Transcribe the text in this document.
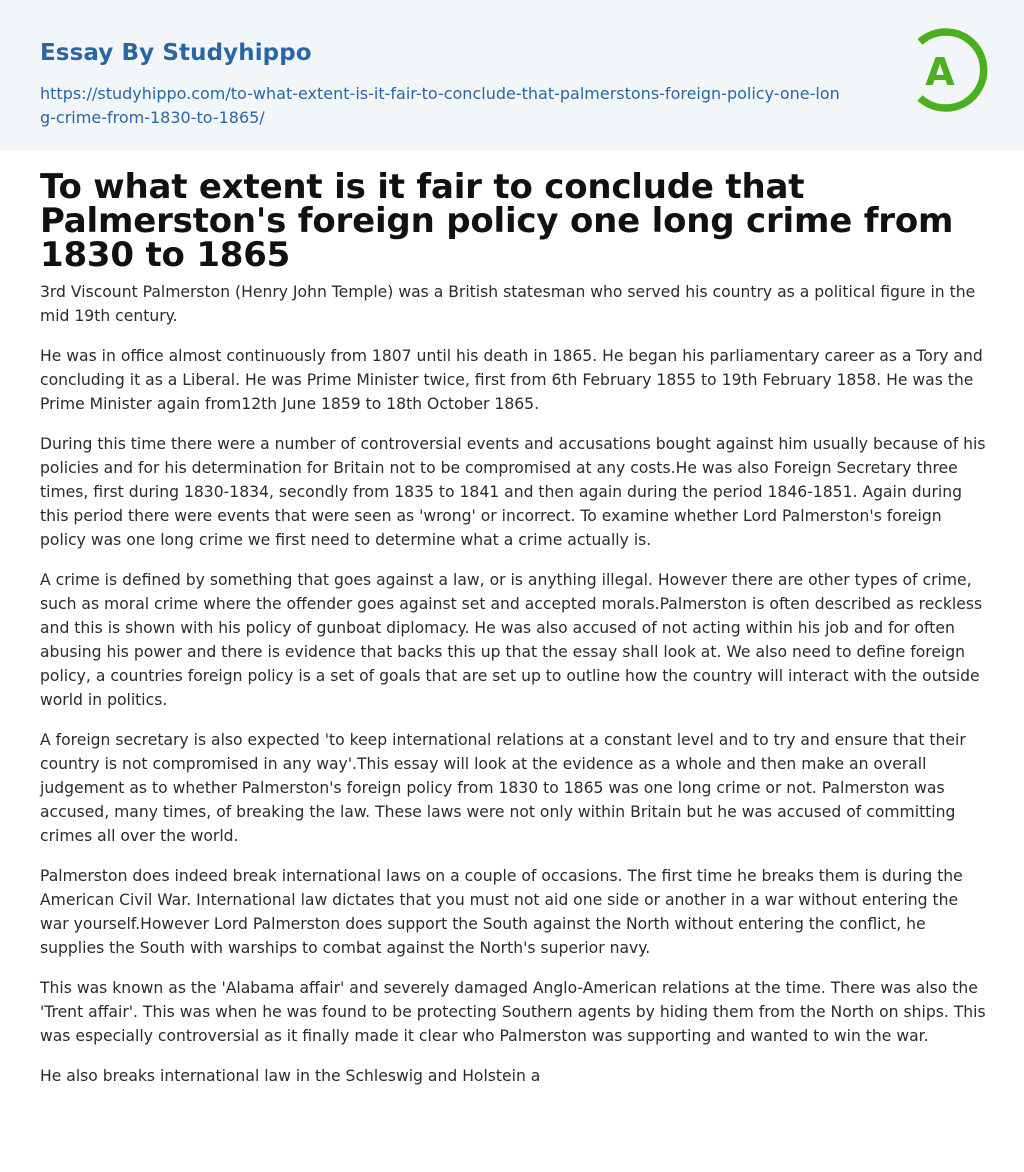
Essay By Studyhippo
https://studyhippo.com/to-what-extent-is-it-fair-to-conclude-that-palmerstons-foreign-policy-one-long-crime-from-1830-to-1865/
A
To what extent is it fair to conclude that Palmerston's foreign policy one long crime from 1830 to 1865

3rd Viscount Palmerston (Henry John Temple) was a British statesman who served his country as a political figure in the mid 19th century.

He was in office almost continuously from 1807 until his death in 1865. He began his parliamentary career as a Tory and concluding it as a Liberal. He was Prime Minister twice, first from 6th February 1855 to 19th February 1858. He was the Prime Minister again from12th June 1859 to 18th October 1865.

During this time there were a number of controversial events and accusations bought against him usually because of his policies and for his determination for Britain not to be compromised at any costs.He was also Foreign Secretary three times, first during 1830-1834, secondly from 1835 to 1841 and then again during the period 1846-1851. Again during this period there were events that were seen as 'wrong' or incorrect. To examine whether Lord Palmerston's foreign policy was one long crime we first need to determine what a crime actually is.

A crime is defined by something that goes against a law, or is anything illegal. However there are other types of crime, such as moral crime where the offender goes against set and accepted morals.Palmerston is often described as reckless and this is shown with his policy of gunboat diplomacy. He was also accused of not acting within his job and for often abusing his power and there is evidence that backs this up that the essay shall look at. We also need to define foreign policy, a countries foreign policy is a set of goals that are set up to outline how the country will interact with the outside world in politics.

A foreign secretary is also expected 'to keep international relations at a constant level and to try and ensure that their country is not compromised in any way'.This essay will look at the evidence as a whole and then make an overall judgement as to whether Palmerston's foreign policy from 1830 to 1865 was one long crime or not. Palmerston was accused, many times, of breaking the law. These laws were not only within Britain but he was accused of committing crimes all over the world.

Palmerston does indeed break international laws on a couple of occasions. The first time he breaks them is during the American Civil War. International law dictates that you must not aid one side or another in a war without entering the war yourself.However Lord Palmerston does support the South against the North without entering the conflict, he supplies the South with warships to combat against the North's superior navy.

This was known as the 'Alabama affair' and severely damaged Anglo-American relations at the time. There was also the 'Trent affair'. This was when he was found to be protecting Southern agents by hiding them from the North on ships. This was especially controversial as it finally made it clear who Palmerston was supporting and wanted to win the war.

He also breaks international law in the Schleswig and Holstein a
